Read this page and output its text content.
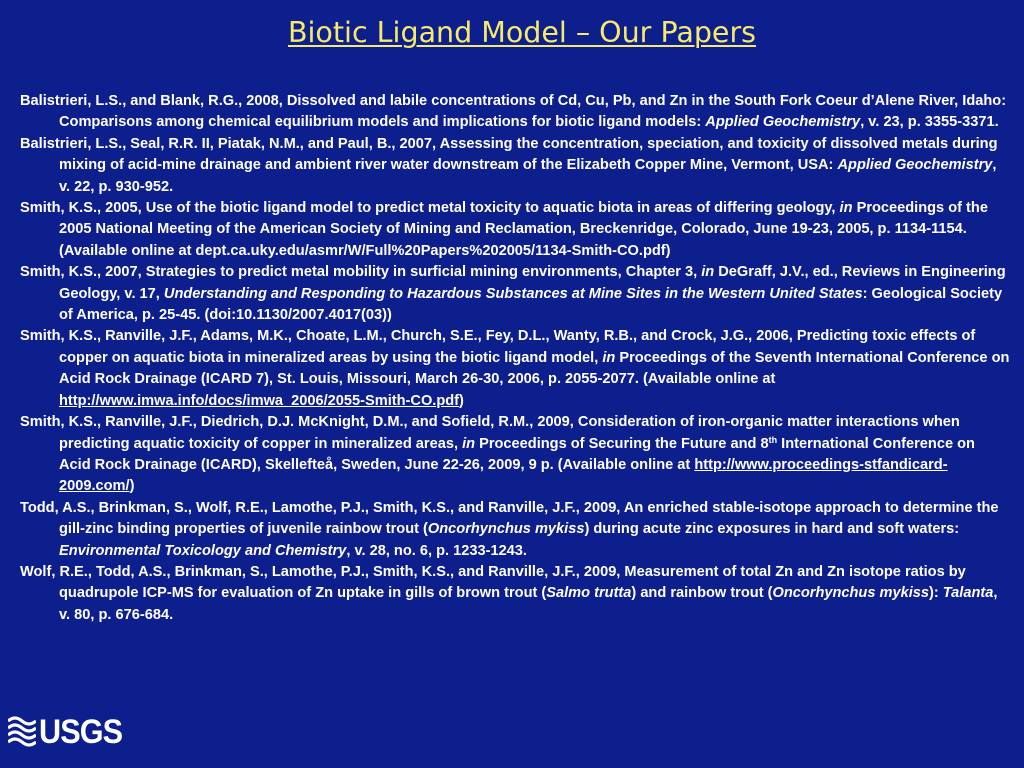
Biotic Ligand Model – Our Papers
Balistrieri, L.S., and Blank, R.G., 2008, Dissolved and labile concentrations of Cd, Cu, Pb, and Zn in the South Fork Coeur d’Alene River, Idaho: Comparisons among chemical equilibrium models and implications for biotic ligand models: Applied Geochemistry, v. 23, p. 3355-3371.
Balistrieri, L.S., Seal, R.R. II, Piatak, N.M., and Paul, B., 2007, Assessing the concentration, speciation, and toxicity of dissolved metals during mixing of acid-mine drainage and ambient river water downstream of the Elizabeth Copper Mine, Vermont, USA: Applied Geochemistry, v. 22, p. 930-952.
Smith, K.S., 2005, Use of the biotic ligand model to predict metal toxicity to aquatic biota in areas of differing geology, in Proceedings of the 2005 National Meeting of the American Society of Mining and Reclamation, Breckenridge, Colorado, June 19-23, 2005, p. 1134-1154. (Available online at dept.ca.uky.edu/asmr/W/Full%20Papers%202005/1134-Smith-CO.pdf)
Smith, K.S., 2007, Strategies to predict metal mobility in surficial mining environments, Chapter 3, in DeGraff, J.V., ed., Reviews in Engineering Geology, v. 17, Understanding and Responding to Hazardous Substances at Mine Sites in the Western United States: Geological Society of America, p. 25-45. (doi:10.1130/2007.4017(03))
Smith, K.S., Ranville, J.F., Adams, M.K., Choate, L.M., Church, S.E., Fey, D.L., Wanty, R.B., and Crock, J.G., 2006, Predicting toxic effects of copper on aquatic biota in mineralized areas by using the biotic ligand model, in Proceedings of the Seventh International Conference on Acid Rock Drainage (ICARD 7), St. Louis, Missouri, March 26-30, 2006, p. 2055-2077. (Available online at http://www.imwa.info/docs/imwa_2006/2055-Smith-CO.pdf)
Smith, K.S., Ranville, J.F., Diedrich, D.J. McKnight, D.M., and Sofield, R.M., 2009, Consideration of iron-organic matter interactions when predicting aquatic toxicity of copper in mineralized areas, in Proceedings of Securing the Future and 8th International Conference on Acid Rock Drainage (ICARD), Skellefteå, Sweden, June 22-26, 2009, 9 p. (Available online at http://www.proceedings-stfandicard-2009.com/)
Todd, A.S., Brinkman, S., Wolf, R.E., Lamothe, P.J., Smith, K.S., and Ranville, J.F., 2009, An enriched stable-isotope approach to determine the gill-zinc binding properties of juvenile rainbow trout (Oncorhynchus mykiss) during acute zinc exposures in hard and soft waters: Environmental Toxicology and Chemistry, v. 28, no. 6, p. 1233-1243.
Wolf, R.E., Todd, A.S., Brinkman, S., Lamothe, P.J., Smith, K.S., and Ranville, J.F., 2009, Measurement of total Zn and Zn isotope ratios by quadrupole ICP-MS for evaluation of Zn uptake in gills of brown trout (Salmo trutta) and rainbow trout (Oncorhynchus mykiss): Talanta, v. 80, p. 676-684.
USGS
